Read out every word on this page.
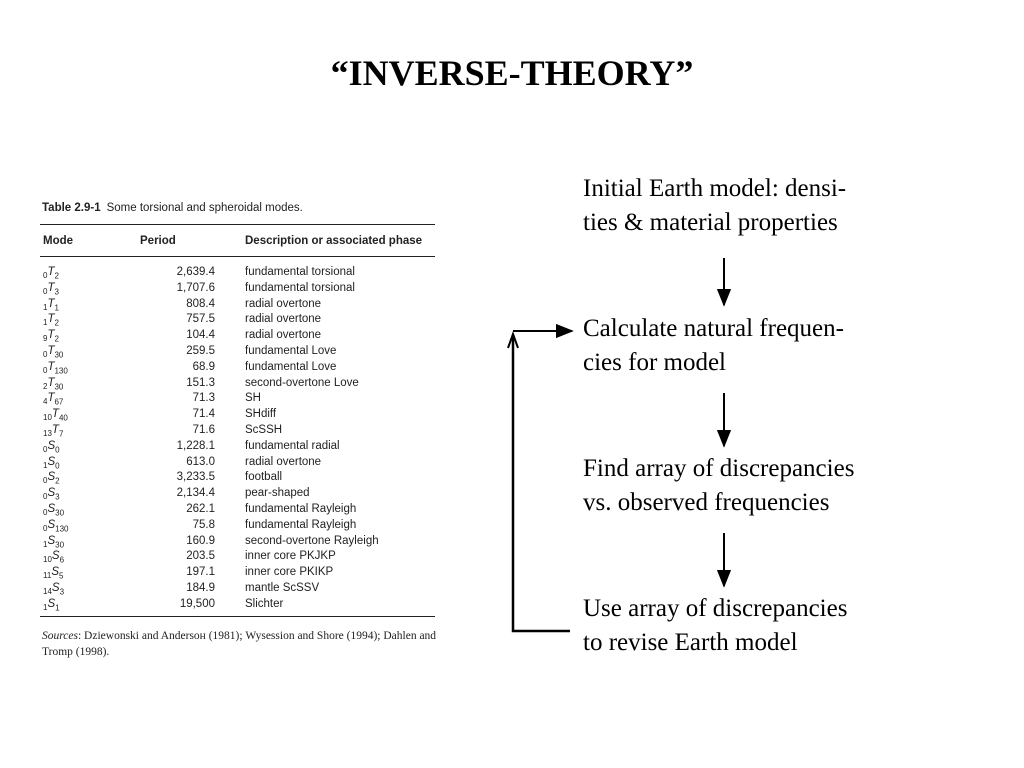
“INVERSE-THEORY”
Table 2.9-1 Some torsional and spheroidal modes.
Mode	Period	Description or associated phase
$_0T_2$	2,639.4	fundamental torsional
$_0T_3$	1,707.6	fundamental torsional
$_1T_1$	808.4	radial overtone
$_1T_2$	757.5	radial overtone
$_9T_2$	104.4	radial overtone
$_0T_{30}$	259.5	fundamental Love
$_0T_{130}$	68.9	fundamental Love
$_2T_{30}$	151.3	second-overtone Love
$_4T_{67}$	71.3	SH
$_{10}T_{40}$	71.4	SHdiff
$_{13}T_7$	71.6	ScSSH
$_0S_0$	1,228.1	fundamental radial
$_1S_0$	613.0	radial overtone
$_0S_2$	3,233.5	football
$_0S_3$	2,134.4	pear-shaped
$_0S_{30}$	262.1	fundamental Rayleigh
$_0S_{130}$	75.8	fundamental Rayleigh
$_1S_{30}$	160.9	second-overtone Rayleigh
$_{10}S_6$	203.5	inner core PKJKP
$_{11}S_5$	197.1	inner core PKIKP
$_{14}S_3$	184.9	mantle ScSSV
$_1S_1$	19,500	Slichter
Sources: Dziewonski and Andersoн (1981); Wysession and Shore (1994); Dahlen and Tromp (1998).
Initial Earth model: densi-
ties & material properties
Calculate natural frequen-
cies for model
Find array of discrepancies
vs. observed frequencies
Use array of discrepancies
to revise Earth model
